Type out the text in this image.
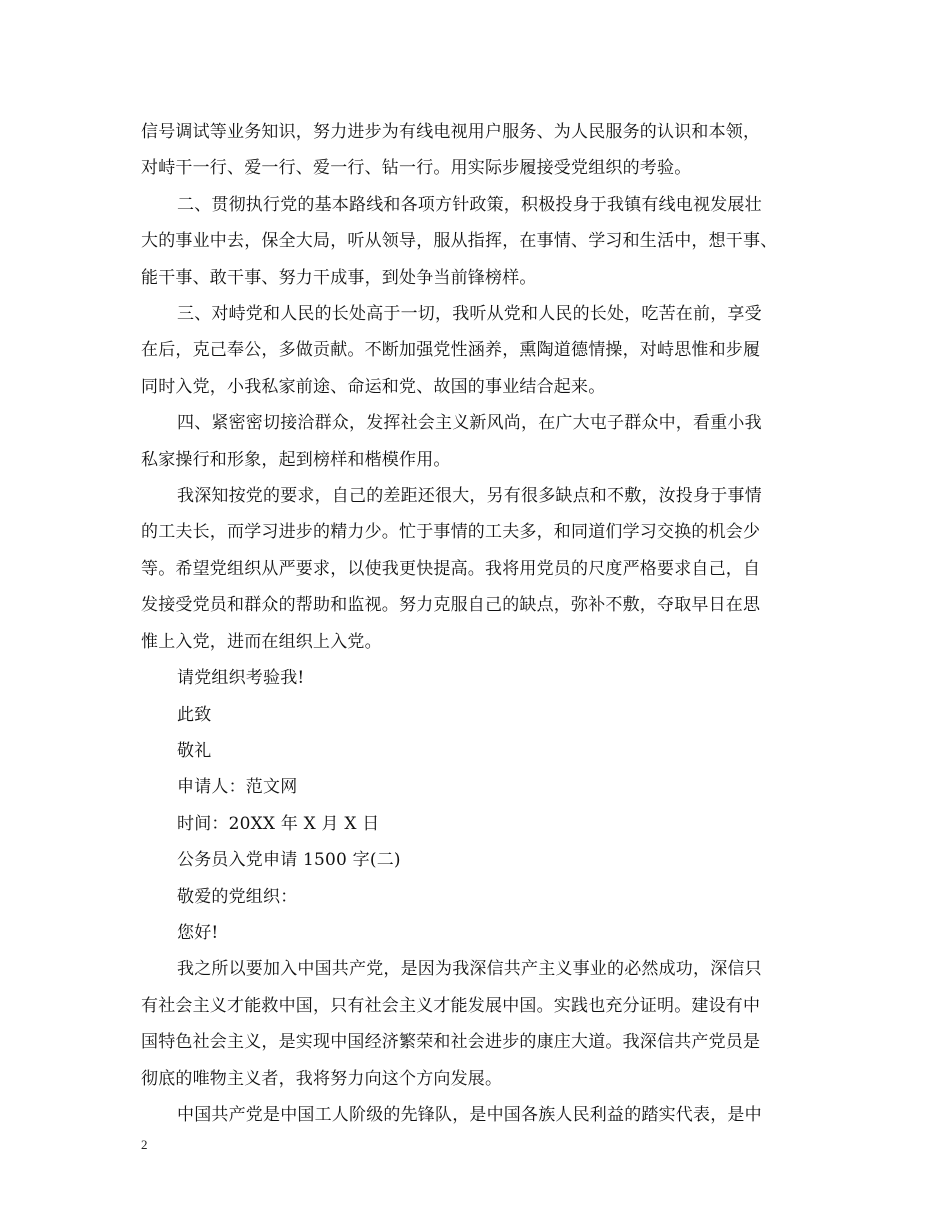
信号调试等业务知识，努力进步为有线电视用户服务、为人民服务的认识和本领，
对峙干一行、爱一行、爱一行、钻一行。用实际步履接受党组织的考验。

二、贯彻执行党的基本路线和各项方针政策，积极投身于我镇有线电视发展壮
大的事业中去，保全大局，听从领导，服从指挥，在事情、学习和生活中，想干事、
能干事、敢干事、努力干成事，到处争当前锋榜样。

三、对峙党和人民的长处高于一切，我听从党和人民的长处，吃苦在前，享受
在后，克己奉公，多做贡献。不断加强党性涵养，熏陶道德情操，对峙思惟和步履
同时入党，小我私家前途、命运和党、故国的事业结合起来。

四、紧密密切接洽群众，发挥社会主义新风尚，在广大屯子群众中，看重小我
私家操行和形象，起到榜样和楷模作用。

我深知按党的要求，自己的差距还很大，另有很多缺点和不敷，汝投身于事情
的工夫长，而学习进步的精力少。忙于事情的工夫多，和同道们学习交换的机会少
等。希望党组织从严要求，以使我更快提高。我将用党员的尺度严格要求自己，自
发接受党员和群众的帮助和监视。努力克服自己的缺点，弥补不敷，夺取早日在思
惟上入党，进而在组织上入党。

请党组织考验我!

此致

敬礼

申请人：范文网

时间：20XX 年 X 月 X 日

公务员入党申请 1500 字(二)

敬爱的党组织：

您好!

我之所以要加入中国共产党，是因为我深信共产主义事业的必然成功，深信只
有社会主义才能救中国，只有社会主义才能发展中国。实践也充分证明。建设有中
国特色社会主义，是实现中国经济繁荣和社会进步的康庄大道。我深信共产党员是
彻底的唯物主义者，我将努力向这个方向发展。

中国共产党是中国工人阶级的先锋队，是中国各族人民利益的踏实代表，是中

2
